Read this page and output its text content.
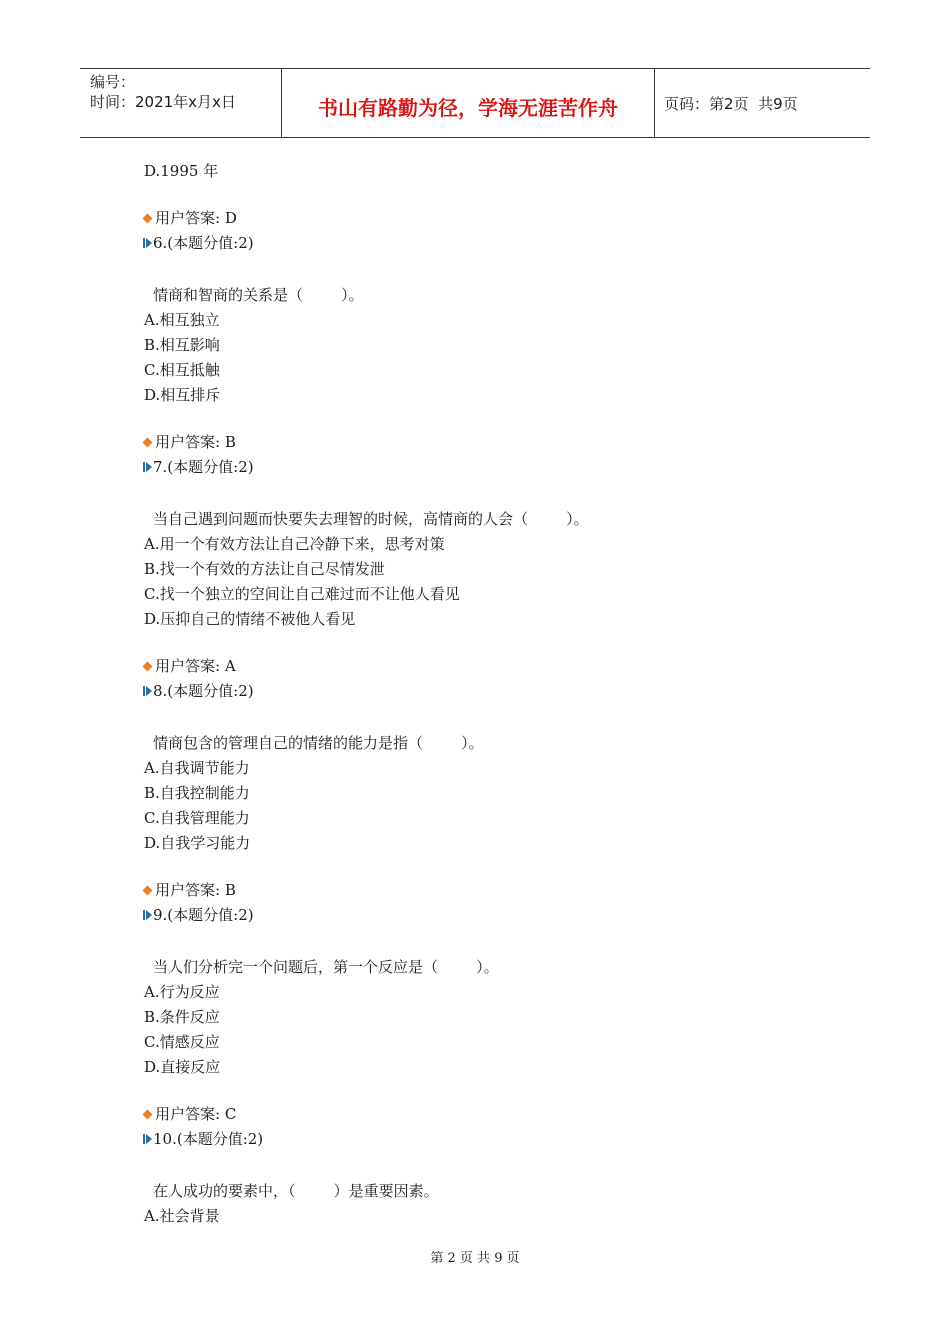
编号：
时间：2021年x月x日	书山有路勤为径，学海无涯苦作舟	页码：第2页  共9页
D.1995 年
用户答案: D
6.(本题分值:2)
情商和智商的关系是（        ）。
A.相互独立
B.相互影响
C.相互抵触
D.相互排斥
用户答案: B
7.(本题分值:2)
当自己遇到问题而快要失去理智的时候，高情商的人会（        ）。
A.用一个有效方法让自己冷静下来，思考对策
B.找一个有效的方法让自己尽情发泄
C.找一个独立的空间让自己难过而不让他人看见
D.压抑自己的情绪不被他人看见
用户答案: A
8.(本题分值:2)
情商包含的管理自己的情绪的能力是指（        ）。
A.自我调节能力
B.自我控制能力
C.自我管理能力
D.自我学习能力
用户答案: B
9.(本题分值:2)
当人们分析完一个问题后，第一个反应是（        ）。
A.行为反应
B.条件反应
C.情感反应
D.直接反应
用户答案: C
10.(本题分值:2)
在人成功的要素中，（        ）是重要因素。
A.社会背景
第 2 页 共 9 页
